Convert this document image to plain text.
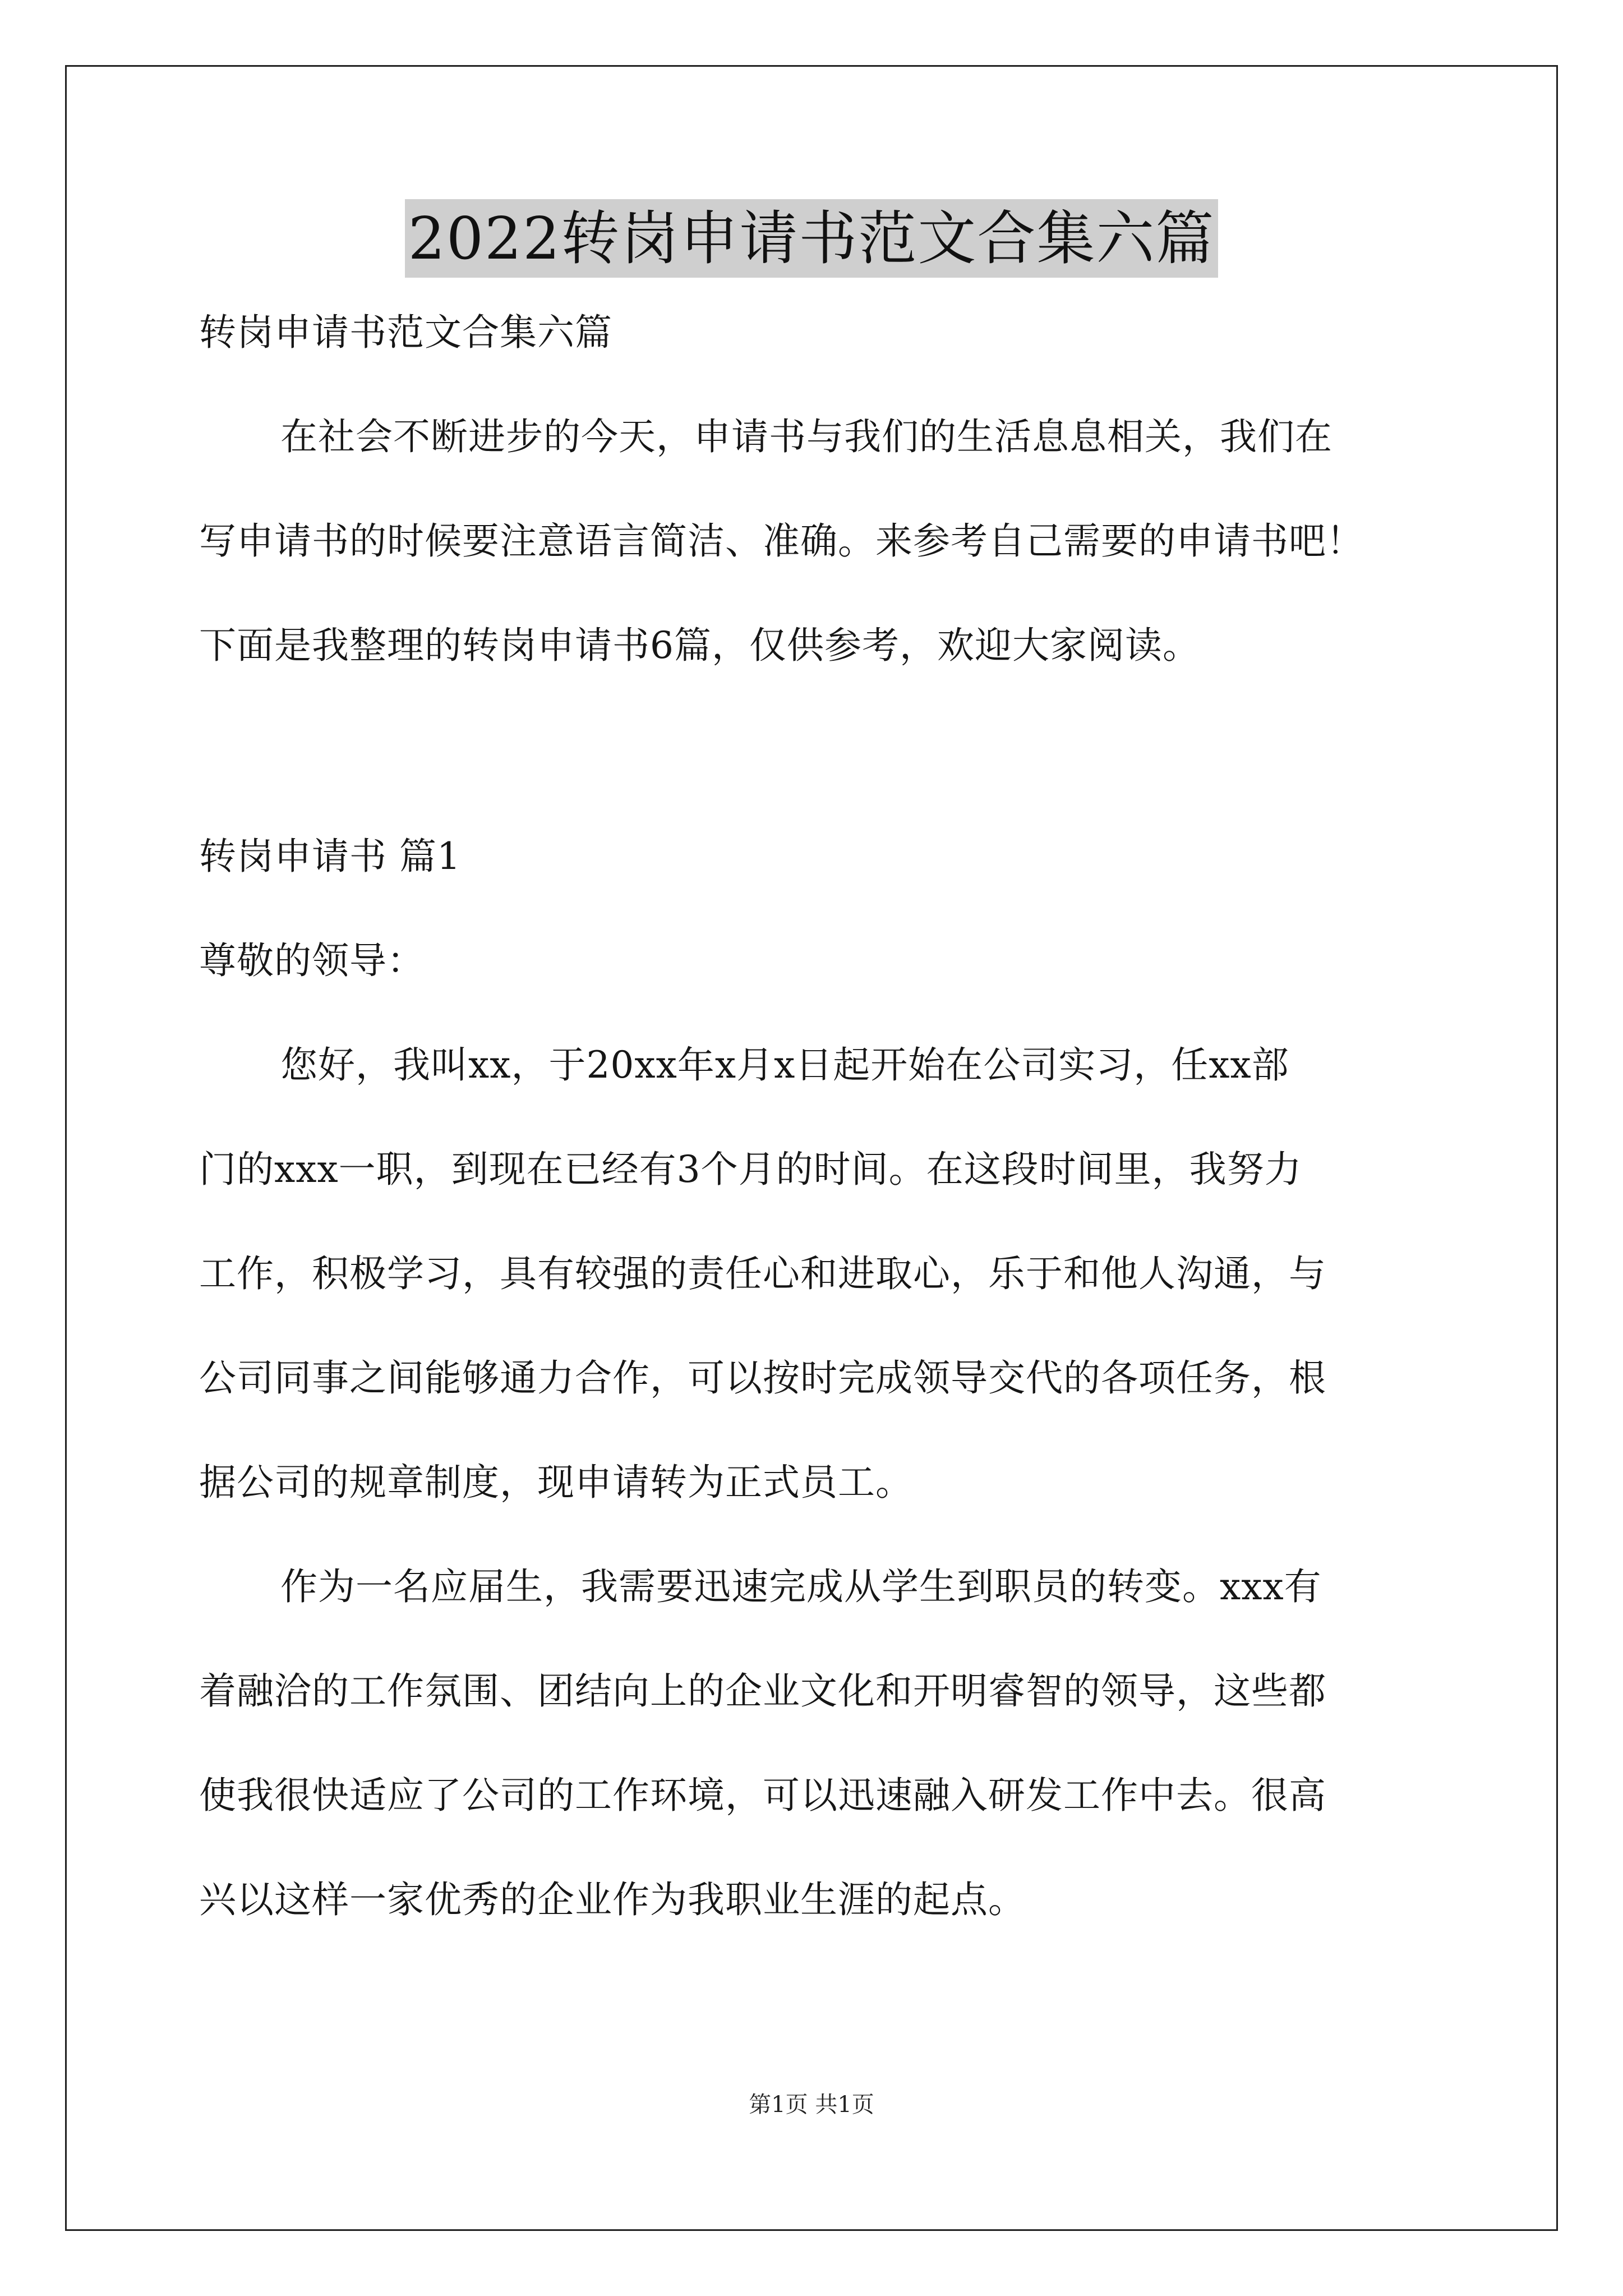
2022转岗申请书范文合集六篇
转岗申请书范文合集六篇
在社会不断进步的今天，申请书与我们的生活息息相关，我们在
写申请书的时候要注意语言简洁、准确。来参考自己需要的申请书吧！
下面是我整理的转岗申请书6篇，仅供参考，欢迎大家阅读。
转岗申请书 篇1
尊敬的领导：
您好，我叫xx，于20xx年x月x日起开始在公司实习，任xx部
门的xxx一职，到现在已经有3个月的时间。在这段时间里，我努力
工作，积极学习，具有较强的责任心和进取心，乐于和他人沟通，与
公司同事之间能够通力合作，可以按时完成领导交代的各项任务，根
据公司的规章制度，现申请转为正式员工。
作为一名应届生，我需要迅速完成从学生到职员的转变。xxx有
着融洽的工作氛围、团结向上的企业文化和开明睿智的领导，这些都
使我很快适应了公司的工作环境，可以迅速融入研发工作中去。很高
兴以这样一家优秀的企业作为我职业生涯的起点。
第1页 共1页
